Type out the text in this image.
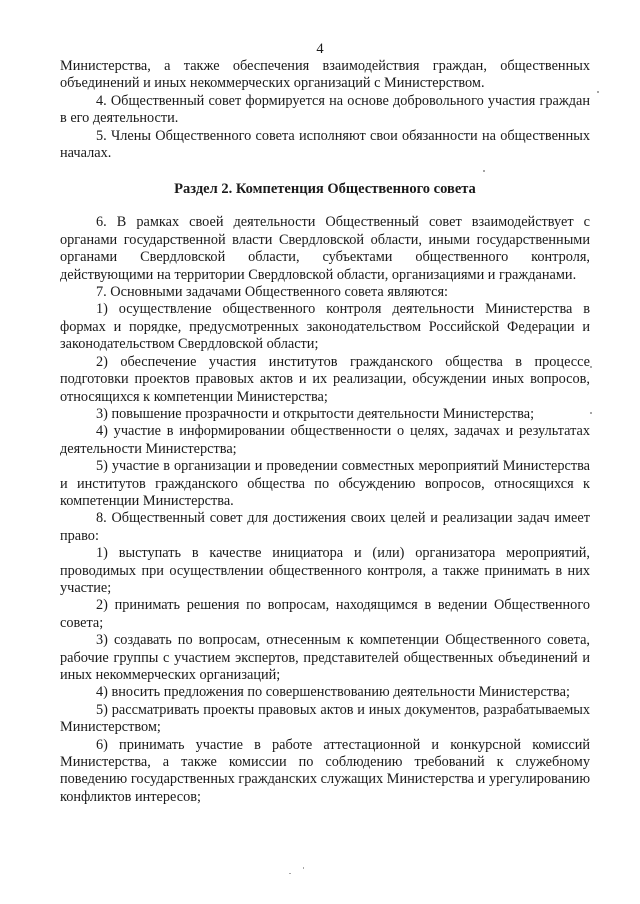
4

Министерства, а также обеспечения взаимодействия граждан, общественных объединений и иных некоммерческих организаций с Министерством.

4. Общественный совет формируется на основе добровольного участия граждан в его деятельности.

5. Члены Общественного совета исполняют свои обязанности на общественных началах.

Раздел 2. Компетенция Общественного совета

6. В рамках своей деятельности Общественный совет взаимодействует с органами государственной власти Свердловской области, иными государственными органами Свердловской области, субъектами общественного контроля, действующими на территории Свердловской области, организациями и гражданами.

7. Основными задачами Общественного совета являются:

1) осуществление общественного контроля деятельности Министерства в формах и порядке, предусмотренных законодательством Российской Федерации и законодательством Свердловской области;

2) обеспечение участия институтов гражданского общества в процессе подготовки проектов правовых актов и их реализации, обсуждении иных вопросов, относящихся к компетенции Министерства;

3) повышение прозрачности и открытости деятельности Министерства;

4) участие в информировании общественности о целях, задачах и результатах деятельности Министерства;

5) участие в организации и проведении совместных мероприятий Министерства и институтов гражданского общества по обсуждению вопросов, относящихся к компетенции Министерства.

8. Общественный совет для достижения своих целей и реализации задач имеет право:

1) выступать в качестве инициатора и (или) организатора мероприятий, проводимых при осуществлении общественного контроля, а также принимать в них участие;

2) принимать решения по вопросам, находящимся в ведении Общественного совета;

3) создавать по вопросам, отнесенным к компетенции Общественного совета, рабочие группы с участием экспертов, представителей общественных объединений и иных некоммерческих организаций;

4) вносить предложения по совершенствованию деятельности Министерства;

5) рассматривать проекты правовых актов и иных документов, разрабатываемых Министерством;

6) принимать участие в работе аттестационной и конкурсной комиссий Министерства, а также комиссии по соблюдению требований к служебному поведению государственных гражданских служащих Министерства и урегулированию конфликтов интересов;
